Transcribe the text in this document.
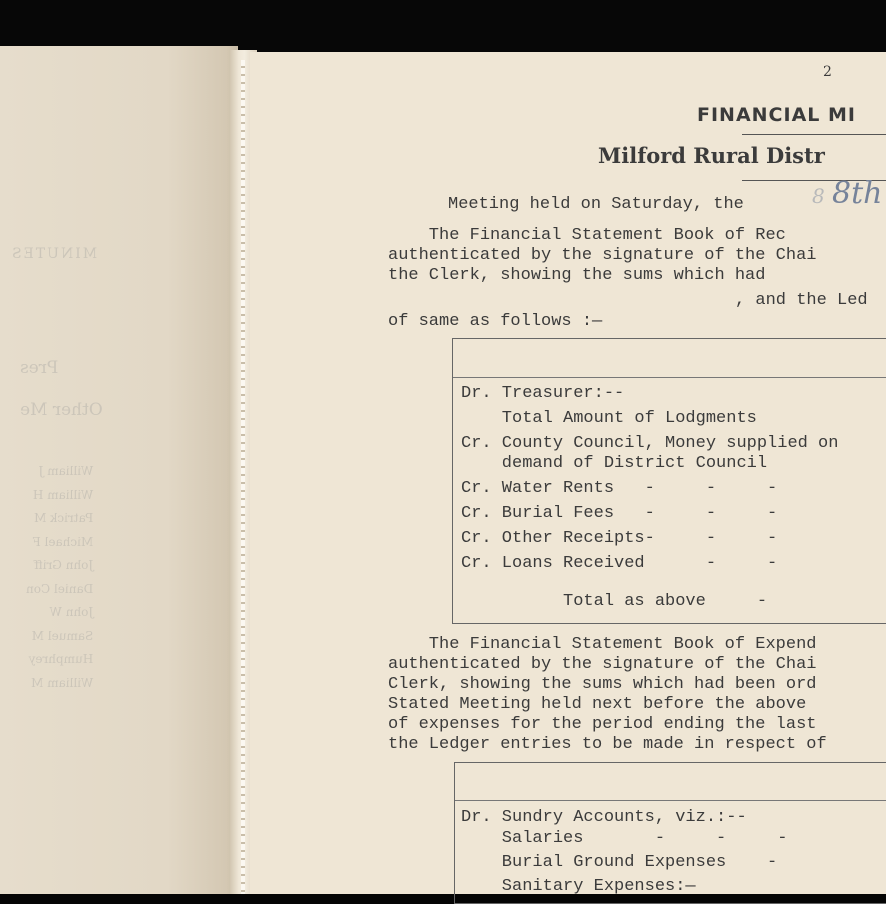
MINUTES
Pres
Other Me
William J
William H
Patrick M
Michael F
John Griff
Daniel Con
John W
Samuel M
Humphrey
William M
2
FINANCIAL MI
Milford Rural Distr
8 8th
Meeting held on Saturday, the
The Financial Statement Book of Rec
authenticated by the signature of the Chai
the Clerk, showing the sums which had
, and the Led
of same as follows :—
Dr. Treasurer:--
Total Amount of Lodgments
Cr. County Council, Money supplied on
demand of District Council
Cr. Water Rents   -     -     -
Cr. Burial Fees   -     -     -
Cr. Other Receipts-     -     -
Cr. Loans Received      -     -
Total as above     -
The Financial Statement Book of Expend
authenticated by the signature of the Chai
Clerk, showing the sums which had been ord
Stated Meeting held next before the above
of expenses for the period ending the last
the Ledger entries to be made in respect of
Dr. Sundry Accounts, viz.:--
Salaries       -     -     -
Burial Ground Expenses    -
Sanitary Expenses:—
